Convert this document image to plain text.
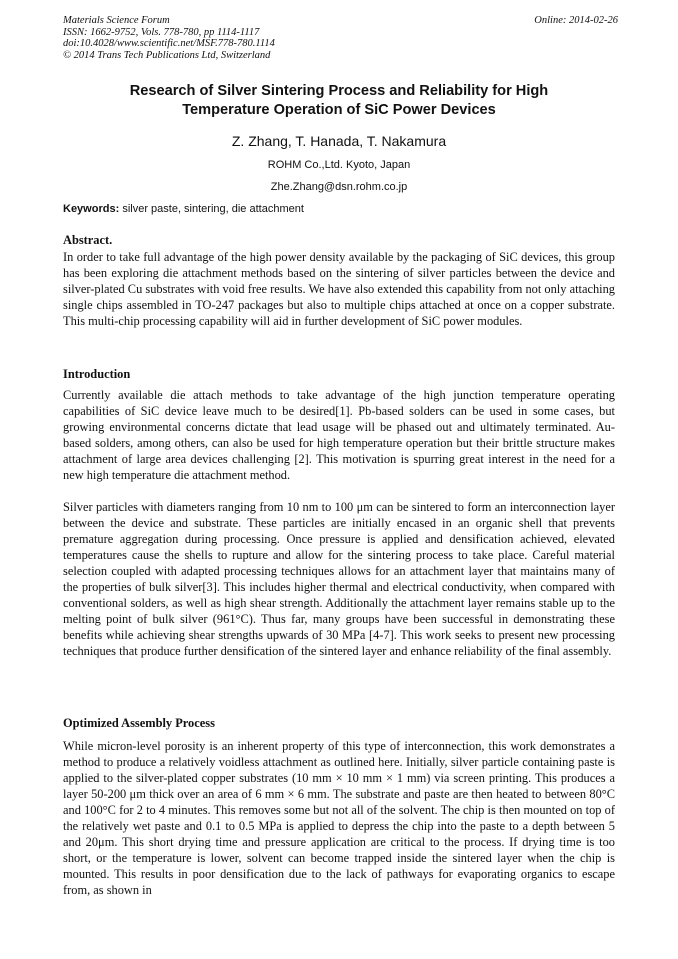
Materials Science Forum
ISSN: 1662-9752, Vols. 778-780, pp 1114-1117
doi:10.4028/www.scientific.net/MSF.778-780.1114
© 2014 Trans Tech Publications Ltd, Switzerland
Online: 2014-02-26
Research of Silver Sintering Process and Reliability for High
Temperature Operation of SiC Power Devices
Z. Zhang, T. Hanada, T. Nakamura
ROHM Co.,Ltd. Kyoto, Japan
Zhe.Zhang@dsn.rohm.co.jp
Keywords: silver paste, sintering, die attachment
Abstract.
In order to take full advantage of the high power density available by the packaging of SiC devices, this group has been exploring die attachment methods based on the sintering of silver particles between the device and silver-plated Cu substrates with void free results. We have also extended this capability from not only attaching single chips assembled in TO-247 packages but also to multiple chips attached at once on a copper substrate. This multi-chip processing capability will aid in further development of SiC power modules.
Introduction
Currently available die attach methods to take advantage of the high junction temperature operating capabilities of SiC device leave much to be desired[1]. Pb-based solders can be used in some cases, but growing environmental concerns dictate that lead usage will be phased out and ultimately terminated. Au-based solders, among others, can also be used for high temperature operation but their brittle structure makes attachment of large area devices challenging [2]. This motivation is spurring great interest in the need for a new high temperature die attachment method.
Silver particles with diameters ranging from 10 nm to 100 μm can be sintered to form an interconnection layer between the device and substrate. These particles are initially encased in an organic shell that prevents premature aggregation during processing. Once pressure is applied and densification achieved, elevated temperatures cause the shells to rupture and allow for the sintering process to take place. Careful material selection coupled with adapted processing techniques allows for an attachment layer that maintains many of the properties of bulk silver[3]. This includes higher thermal and electrical conductivity, when compared with conventional solders, as well as high shear strength. Additionally the attachment layer remains stable up to the melting point of bulk silver (961°C). Thus far, many groups have been successful in demonstrating these benefits while achieving shear strengths upwards of 30 MPa [4-7]. This work seeks to present new processing techniques that produce further densification of the sintered layer and enhance reliability of the final assembly.
Optimized Assembly Process
While micron-level porosity is an inherent property of this type of interconnection, this work demonstrates a method to produce a relatively voidless attachment as outlined here. Initially, silver particle containing paste is applied to the silver-plated copper substrates (10 mm × 10 mm × 1 mm) via screen printing. This produces a layer 50-200 μm thick over an area of 6 mm × 6 mm. The substrate and paste are then heated to between 80°C and 100°C for 2 to 4 minutes. This removes some but not all of the solvent. The chip is then mounted on top of the relatively wet paste and 0.1 to 0.5 MPa is applied to depress the chip into the paste to a depth between 5 and 20μm. This short drying time and pressure application are critical to the process. If drying time is too short, or the temperature is lower, solvent can become trapped inside the sintered layer when the chip is mounted. This results in poor densification due to the lack of pathways for evaporating organics to escape from, as shown in
